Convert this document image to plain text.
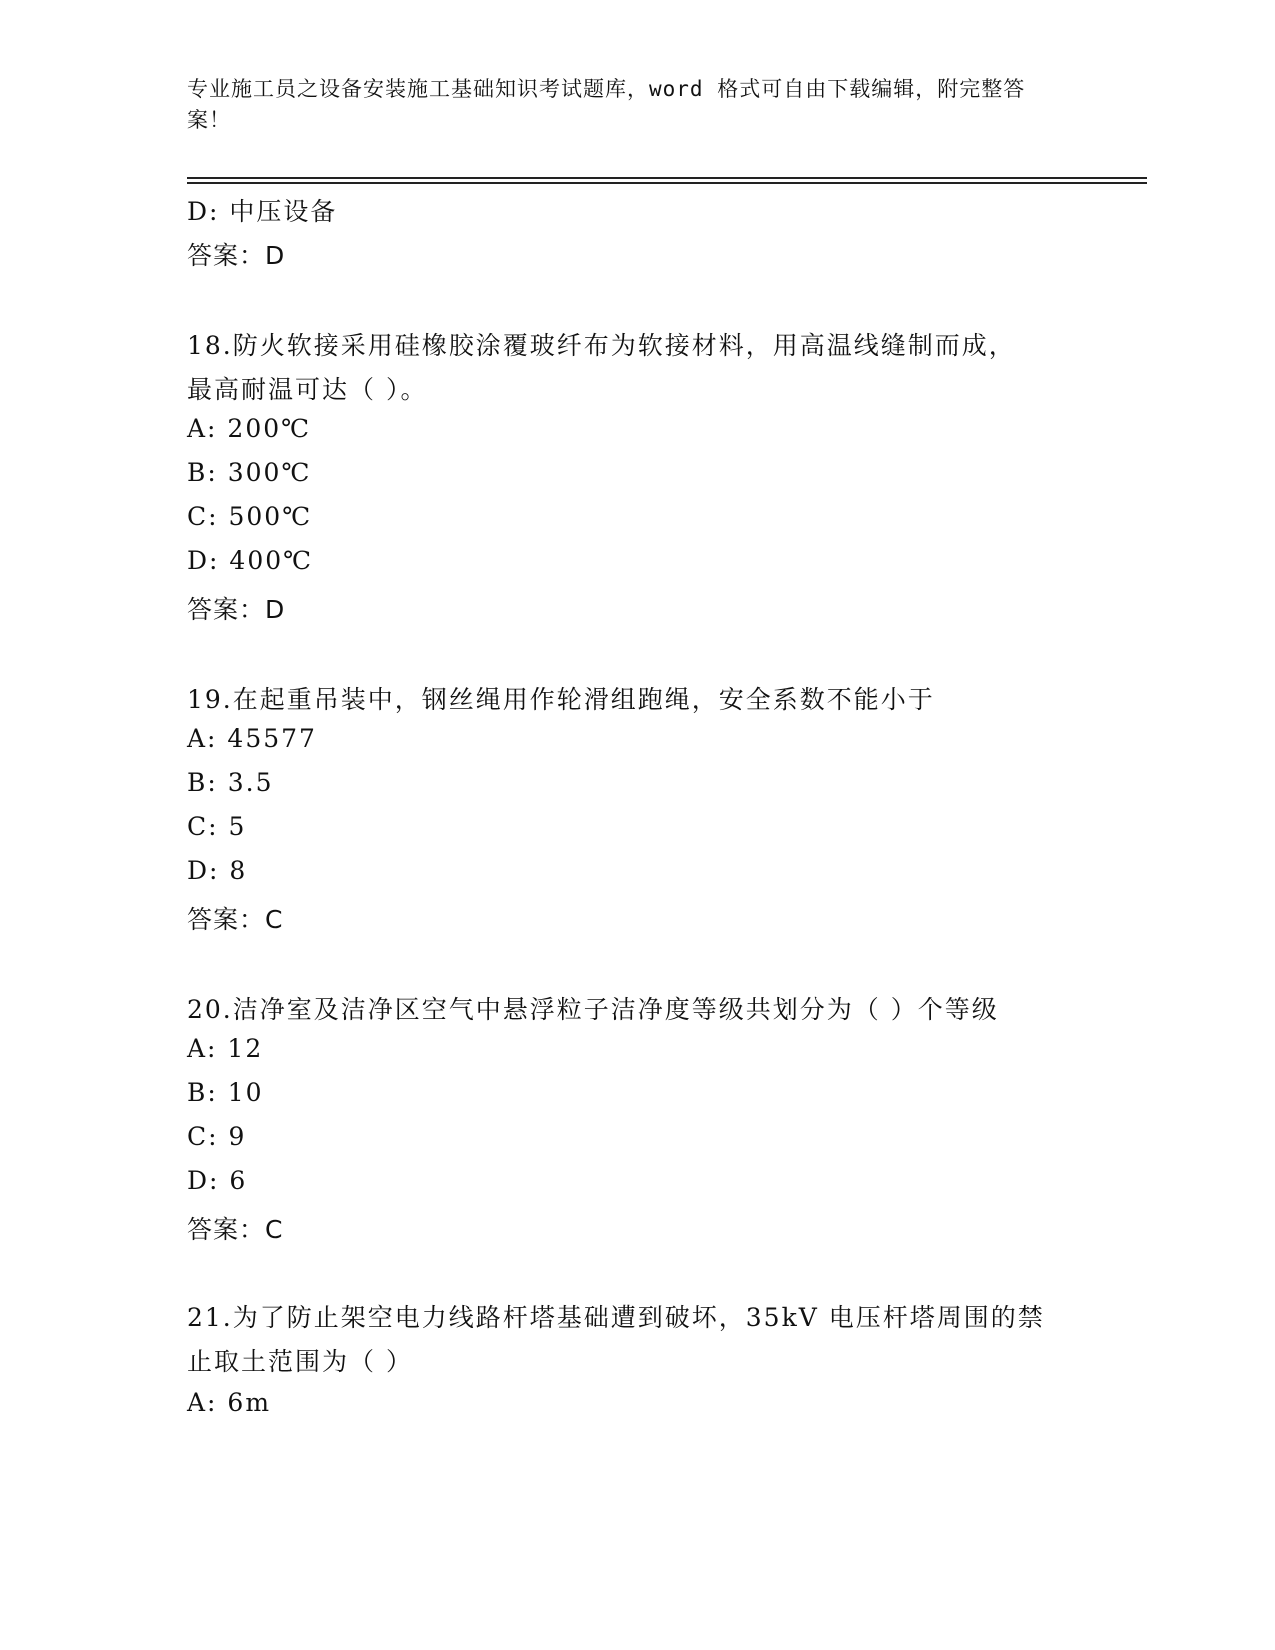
专业施工员之设备安装施工基础知识考试题库，word 格式可自由下载编辑，附完整答案！
D: 中压设备
答案：D
18.防火软接采用硅橡胶涂覆玻纤布为软接材料，用高温线缝制而成，
最高耐温可达（ ）。
A: 200℃
B: 300℃
C: 500℃
D: 400℃
答案：D
19.在起重吊装中，钢丝绳用作轮滑组跑绳，安全系数不能小于
A: 45577
B: 3.5
C: 5
D: 8
答案：C
20.洁净室及洁净区空气中悬浮粒子洁净度等级共划分为（ ）个等级
A: 12
B: 10
C: 9
D: 6
答案：C
21.为了防止架空电力线路杆塔基础遭到破坏，35kV 电压杆塔周围的禁
止取土范围为（ ）
A: 6m
